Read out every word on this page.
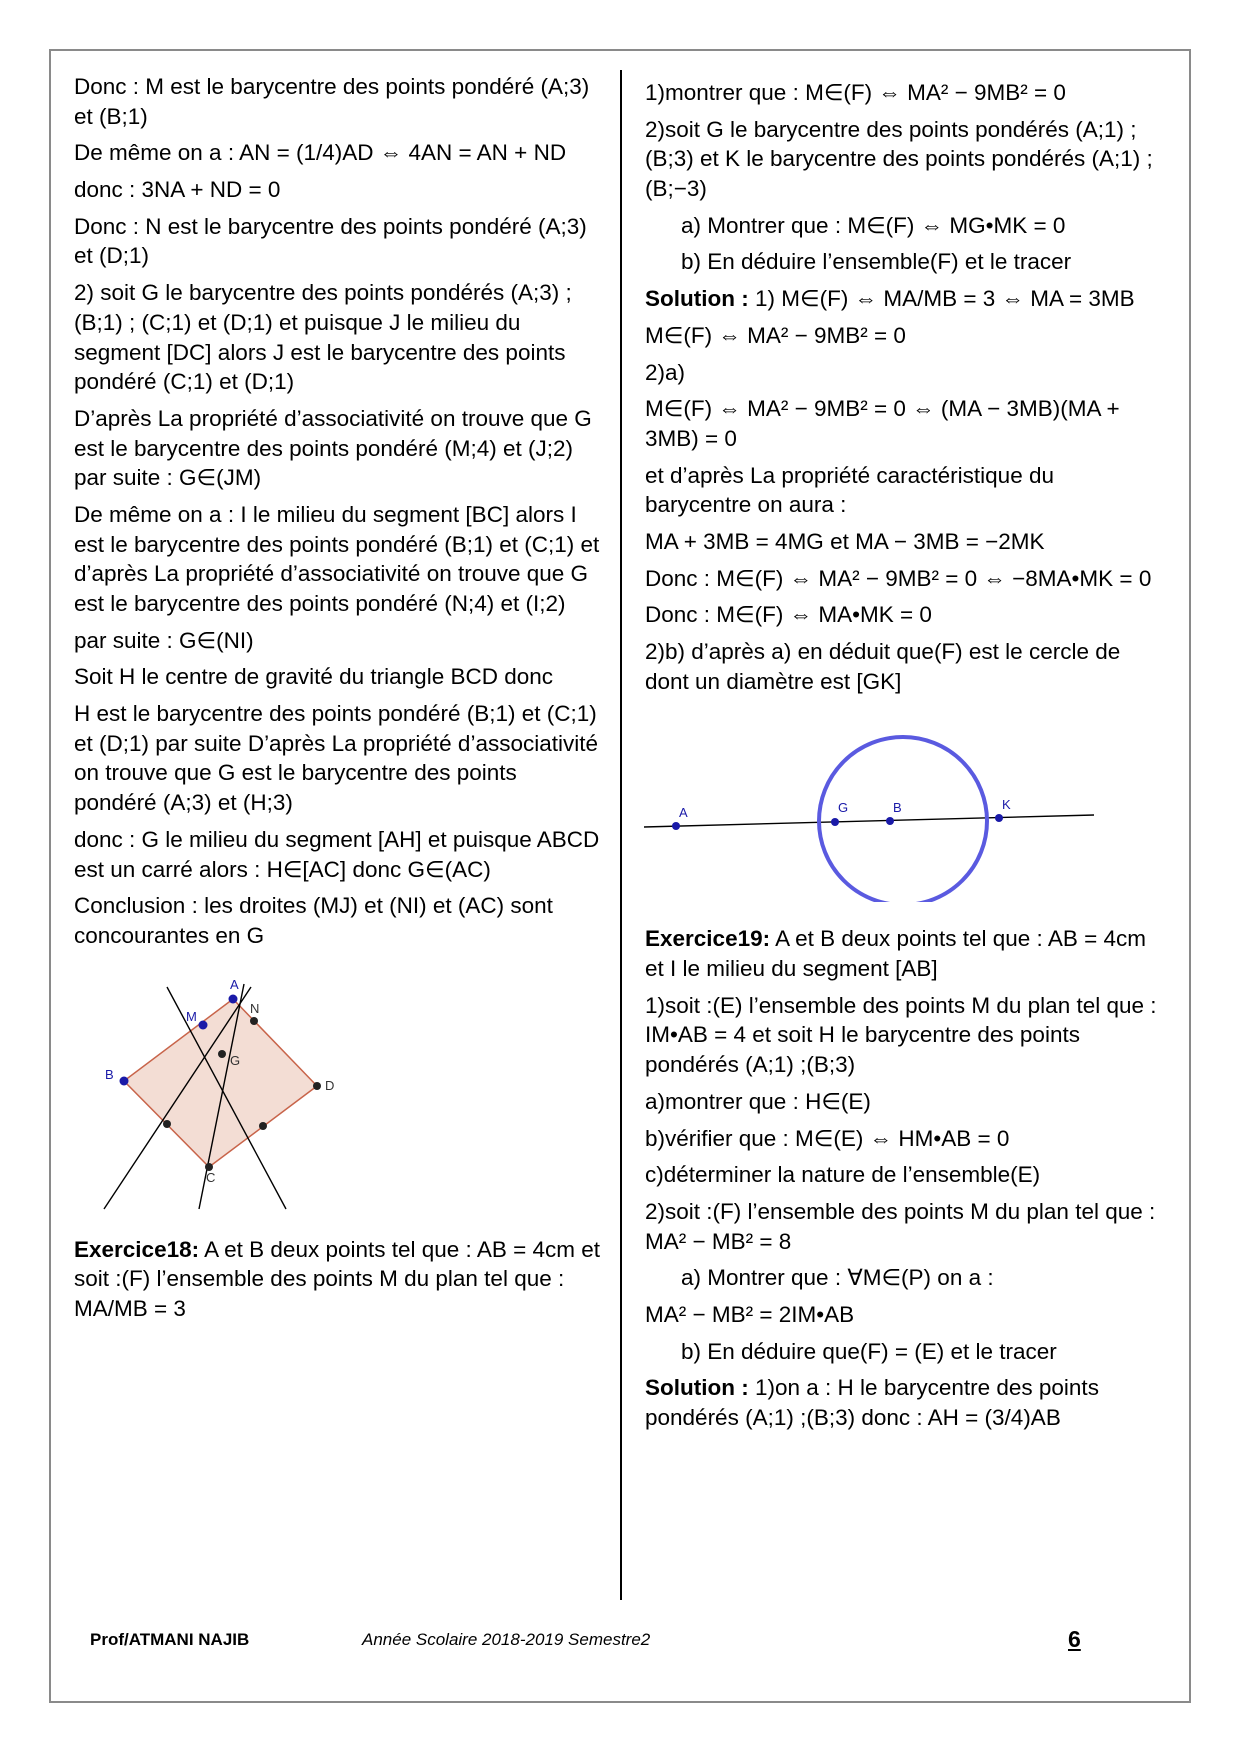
Donc : M est le barycentre des points pondéré (A;3) et (B;1)

De même on a : AN = (1/4)AD ⇔ 4AN = AN + ND

donc : 3NA + ND = 0

Donc : N est le barycentre des points pondéré (A;3) et (D;1)

2) soit G le barycentre des points pondérés (A;3) ;(B;1) ; (C;1) et (D;1) et puisque J le milieu du segment [DC] alors J est le barycentre des points pondéré (C;1) et (D;1)

D’après La propriété d’associativité on trouve que G est le barycentre des points pondéré (M;4) et (J;2) par suite : G∈(JM)

De même on a : I le milieu du segment [BC] alors I est le barycentre des points pondéré (B;1) et (C;1) et d’après La propriété d’associativité on trouve que G est le barycentre des points pondéré (N;4) et (I;2)

par suite : G∈(NI)

Soit H le centre de gravité du triangle BCD donc

H est le barycentre des points pondéré (B;1) et (C;1) et (D;1) par suite D’après La propriété d’associativité on trouve que G est le barycentre des points pondéré (A;3) et (H;3)

donc : G le milieu du segment [AH] et puisque ABCD est un carré alors : H∈[AC] donc G∈(AC)

Conclusion : les droites (MJ) et (NI) et (AC) sont concourantes en G

A
M
B
N
G
D
C

Exercice18: A et B deux points tel que : AB = 4cm et soit :(F) l’ensemble des points M du plan tel que : MA/MB = 3

1)montrer que : M∈(F) ⇔ MA² − 9MB² = 0

2)soit G le barycentre des points pondérés (A;1) ;(B;3) et K le barycentre des points pondérés (A;1) ;(B;−3)

a) Montrer que : M∈(F) ⇔ MG•MK = 0

b) En déduire l’ensemble(F) et le tracer

Solution : 1) M∈(F) ⇔ MA/MB = 3 ⇔ MA = 3MB

M∈(F) ⇔ MA² − 9MB² = 0

2)a)

M∈(F) ⇔ MA² − 9MB² = 0 ⇔ (MA − 3MB)(MA + 3MB) = 0

et d’après La propriété caractéristique du barycentre on aura :

MA + 3MB = 4MG et MA − 3MB = −2MK

Donc : M∈(F) ⇔ MA² − 9MB² = 0 ⇔ −8MA•MK = 0

Donc : M∈(F) ⇔ MA•MK = 0

2)b) d’après a) en déduit que(F) est le cercle de dont un diamètre est [GK]

A	G	B	K

Exercice19: A et B deux points tel que : AB = 4cm et I le milieu du segment [AB]

1)soit :(E) l’ensemble des points M du plan tel que : IM•AB = 4 et soit H le barycentre des points pondérés (A;1) ;(B;3)

a)montrer que : H∈(E)

b)vérifier que : M∈(E) ⇔ HM•AB = 0

c)déterminer la nature de l’ensemble(E)

2)soit :(F) l’ensemble des points M du plan tel que : MA² − MB² = 8

a) Montrer que : ∀M∈(P) on a :

MA² − MB² = 2IM•AB

b) En déduire que(F) = (E) et le tracer

Solution : 1)on a : H le barycentre des points pondérés (A;1) ;(B;3) donc : AH = (3/4)AB

Prof/ATMANI NAJIB	Année Scolaire 2018-2019 Semestre2	6
